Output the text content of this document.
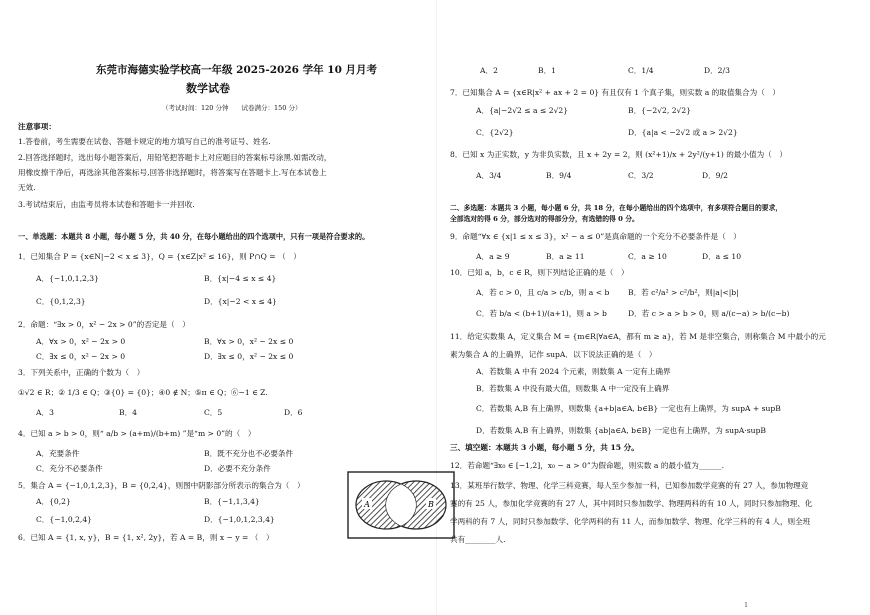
东莞市海德实验学校高一年级 2025-2026 学年 10 月月考
数学试卷
（考试时间：120 分钟　　试卷满分：150 分）
注意事项：
1.答卷前，考生需要在试卷、答题卡规定的地方填写自己的准考证号、姓名.
2.回答选择题时，选出每小题答案后，用铅笔把答题卡上对应题目的答案标号涂黑.如需改动，
用橡皮擦干净后，再选涂其他答案标号,回答非选择题时，将答案写在答题卡上.写在本试卷上
无效.
3.考试结束后，由监考员将本试卷和答题卡一并回收.
一、单选题：本题共 8 小题，每小题 5 分，共 40 分，在每小题给出的四个选项中，只有一项是符合要求的。
1．已知集合 P = {x∈N|−2 < x ≤ 3}，Q = {x∈Z|x² ≤ 16}，则 P∩Q = （　）
A．{−1,0,1,2,3}	B．{x|−4 ≤ x ≤ 4}
C．{0,1,2,3}	D．{x|−2 < x ≤ 4}
2．命题：“∃x > 0，x² − 2x > 0”的否定是（　）
A．∀x > 0，x² − 2x > 0	B．∀x > 0，x² − 2x ≤ 0
C．∃x ≤ 0，x² − 2x > 0	D．∃x ≤ 0，x² − 2x ≤ 0
3．下列关系中，正确的个数为（　）
①√2 ∈ R；② 1/3 ∈ Q；③{0} = {0}；④0 ∉ N；⑤π ∈ Q；⑥−1 ∈ Z.
A．3	B．4	C．5	D．6
4．已知 a > b > 0，则“ a/b > (a+m)/(b+m) ”是“m > 0”的（　）
A．充要条件	B．既不充分也不必要条件
C．充分不必要条件	D．必要不充分条件
5．集合 A = {−1,0,1,2,3}，B = {0,2,4}，则图中阴影部分所表示的集合为（　）
A．{0,2}	B．{−1,1,3,4}
C．{−1,0,2,4}	D．{−1,0,1,2,3,4}
6．已知 A = {1, x, y}，B = {1, x², 2y}，若 A = B，则 x − y = （　）
A	B
A．2	B．1	C．1/4	D．2/3
7．已知集合 A = {x∈R|x² + ax + 2 = 0} 有且仅有 1 个真子集，则实数 a 的取值集合为（　）
A．{a|−2√2 ≤ a ≤ 2√2}	B．{−2√2, 2√2}
C．{2√2}	D．{a|a < −2√2 或 a > 2√2}
8．已知 x 为正实数，y 为非负实数，且 x + 2y = 2，则 (x²+1)/x + 2y²/(y+1) 的最小值为（　）
A．3/4	B．9/4	C．3/2	D．9/2
二、多选题：本题共 3 小题，每小题 6 分，共 18 分，在每小题给出的四个选项中，有多项符合题目的要求，
全部选对的得 6 分，部分选对的得部分分，有选错的得 0 分。
9．命题“∀x ∈ {x|1 ≤ x ≤ 3}，x² − a ≤ 0”是真命题的一个充分不必要条件是（　）
A．a ≥ 9	B．a ≥ 11	C．a ≥ 10	D．a ≤ 10
10．已知 a，b，c ∈ R，则下列结论正确的是（　）
A．若 c > 0，且 c/a > c/b，则 a < b B．若 c²/a² > c²/b²，则|a|<|b|
C．若 b/a < (b+1)/(a+1)，则 a > b	D．若 c > a > b > 0，则 a/(c−a) > b/(c−b)
11．给定实数集 A，定义集合 M = {m∈R|∀a∈A，都有 m ≥ a}，若 M 是非空集合，则称集合 M 中最小的元
素为集合 A 的上确界，记作 supA．以下说法正确的是（　）
A．若数集 A 中有 2024 个元素，则数集 A 一定有上确界
B．若数集 A 中没有最大值，则数集 A 中一定没有上确界
C．若数集 A,B 有上确界，则数集 {a+b|a∈A, b∈B} 一定也有上确界，为 supA + supB
D．若数集 A,B 有上确界，则数集 {ab|a∈A, b∈B} 一定也有上确界，为 supA·supB
三、填空题：本题共 3 小题，每小题 5 分，共 15 分。
12．若命题“∃x₀ ∈ [−1,2]，x₀ − a > 0”为假命题，则实数 a 的最小值为______.
13．某班举行数学、物理、化学三科竞赛，每人至少参加一科，已知参加数学竞赛的有 27 人，参加物理竞
赛的有 25 人，参加化学竞赛的有 27 人，其中同时只参加数学、物理两科的有 10 人，同时只参加物理、化
学两科的有 7 人，同时只参加数学、化学两科的有 11 人，而参加数学、物理、化学三科的有 4 人，则全班
共有________人.
1
